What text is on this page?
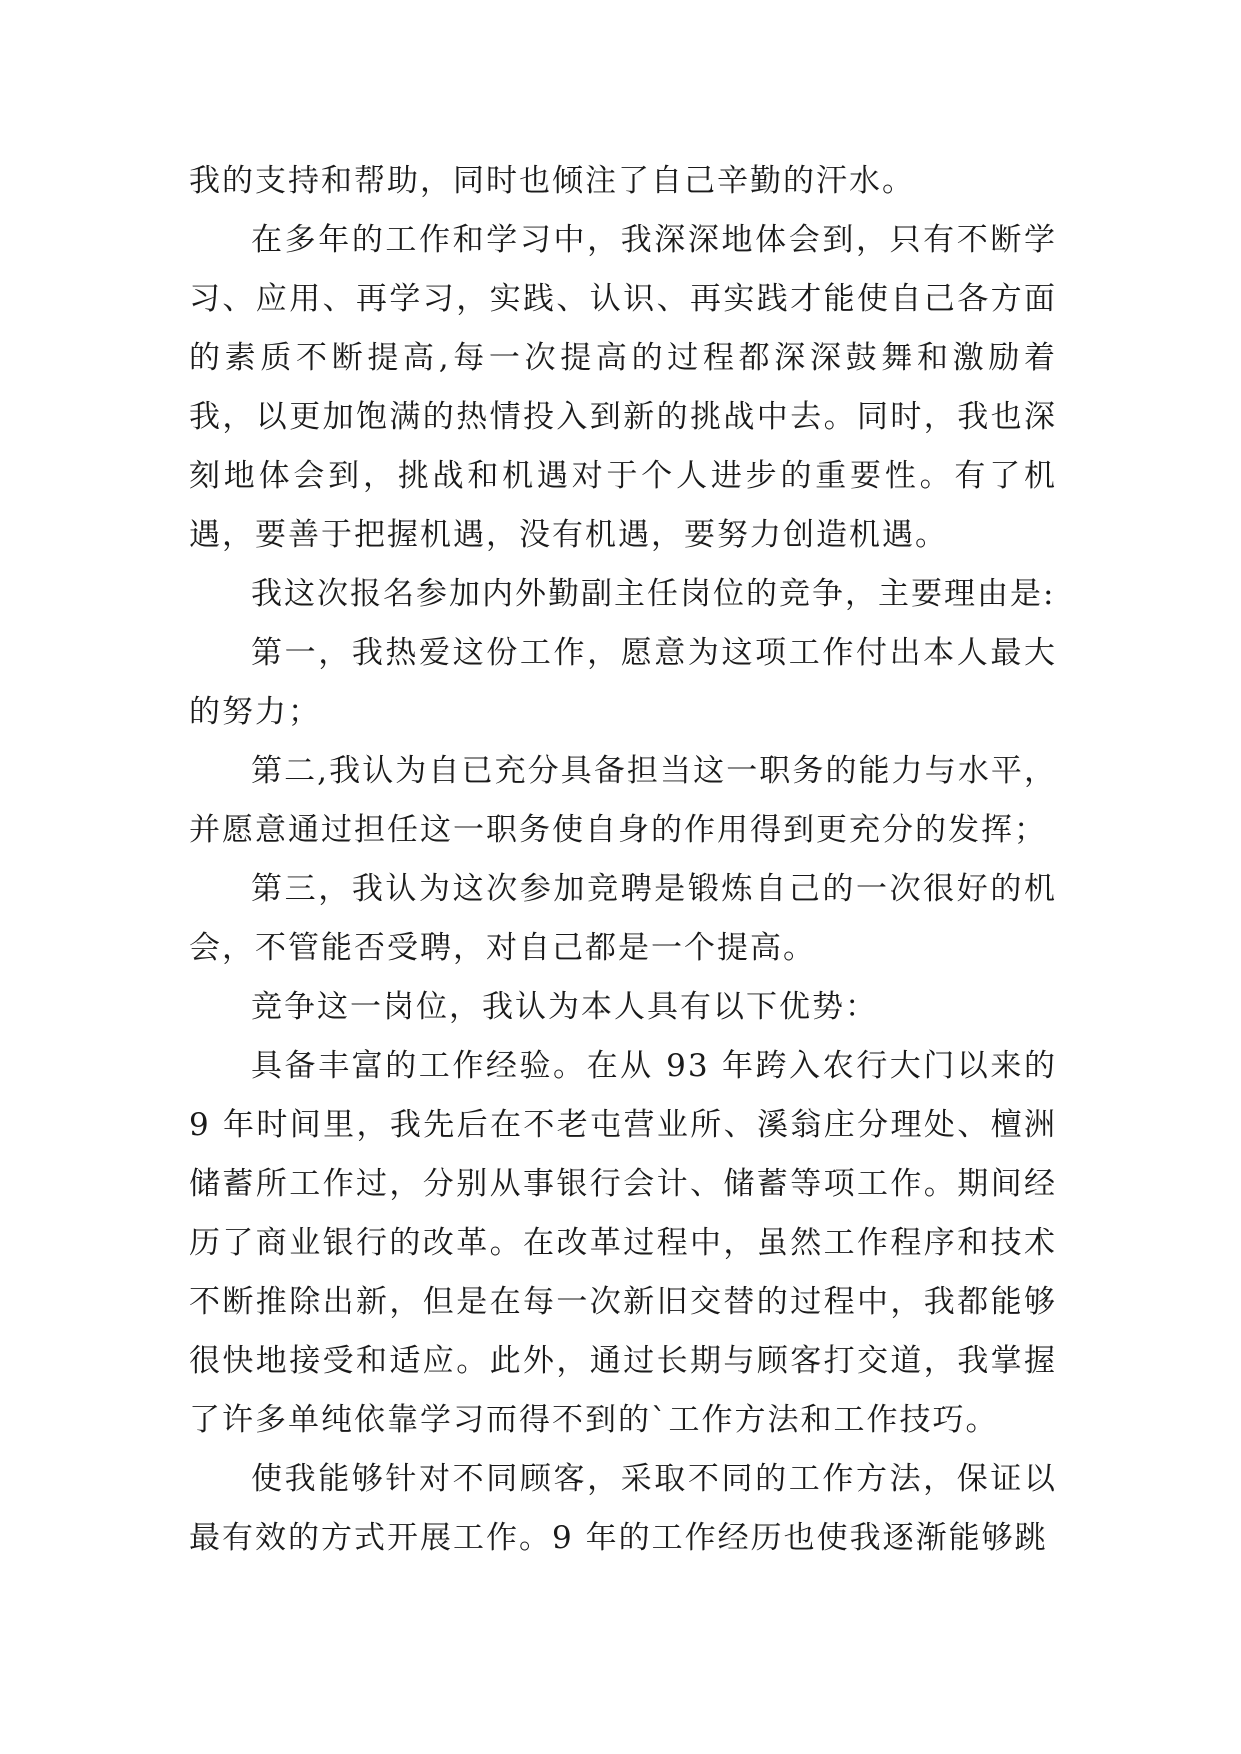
我的支持和帮助，同时也倾注了自己辛勤的汗水。

在多年的工作和学习中，我深深地体会到，只有不断学习、应用、再学习，实践、认识、再实践才能使自己各方面的素质不断提高,每一次提高的过程都深深鼓舞和激励着我，以更加饱满的热情投入到新的挑战中去。同时，我也深刻地体会到，挑战和机遇对于个人进步的重要性。有了机遇，要善于把握机遇，没有机遇，要努力创造机遇。

我这次报名参加内外勤副主任岗位的竞争，主要理由是:

第一，我热爱这份工作，愿意为这项工作付出本人最大的努力；

第二,我认为自已充分具备担当这一职务的能力与水平，并愿意通过担任这一职务使自身的作用得到更充分的发挥；

第三，我认为这次参加竞聘是锻炼自己的一次很好的机会，不管能否受聘，对自己都是一个提高。

竞争这一岗位，我认为本人具有以下优势：

具备丰富的工作经验。在从 93 年跨入农行大门以来的 9 年时间里，我先后在不老屯营业所、溪翁庄分理处、檀洲储蓄所工作过，分别从事银行会计、储蓄等项工作。期间经历了商业银行的改革。在改革过程中，虽然工作程序和技术不断推除出新，但是在每一次新旧交替的过程中，我都能够很快地接受和适应。此外，通过长期与顾客打交道，我掌握了许多单纯依靠学习而得不到的`工作方法和工作技巧。

使我能够针对不同顾客，采取不同的工作方法，保证以最有效的方式开展工作。9 年的工作经历也使我逐渐能够跳
